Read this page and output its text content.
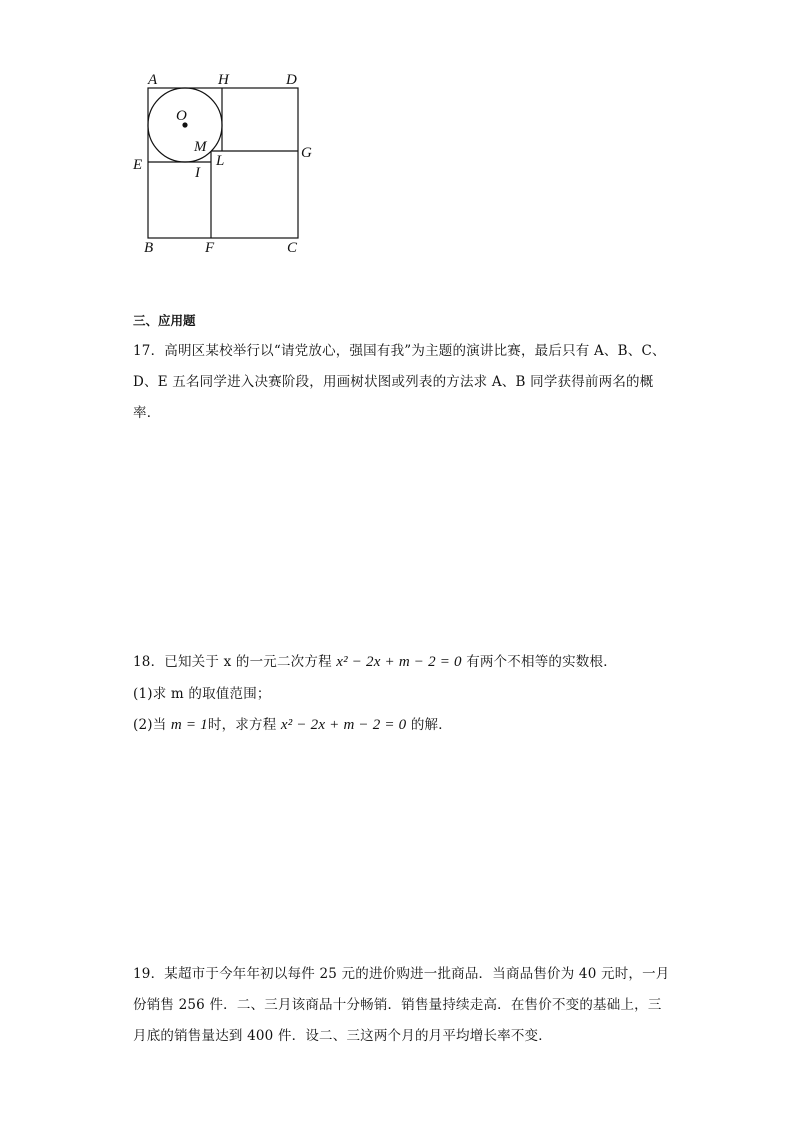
A	H	D
O
M
E	I
L	G
B	F	C
三、应用题
17．高明区某校举行以“请党放心，强国有我”为主题的演讲比赛，最后只有 A、B、C、
D、E 五名同学进入决赛阶段，用画树状图或列表的方法求 A、B 同学获得前两名的概
率．
18．已知关于 x 的一元二次方程 x² − 2x + m − 2 = 0 有两个不相等的实数根．
(1)求 m 的取值范围；
(2)当 m = 1时，求方程 x² − 2x + m − 2 = 0 的解．
19．某超市于今年年初以每件 25 元的进价购进一批商品．当商品售价为 40 元时，一月
份销售 256 件．二、三月该商品十分畅销．销售量持续走高．在售价不变的基础上，三
月底的销售量达到 400 件．设二、三这两个月的月平均增长率不变．
